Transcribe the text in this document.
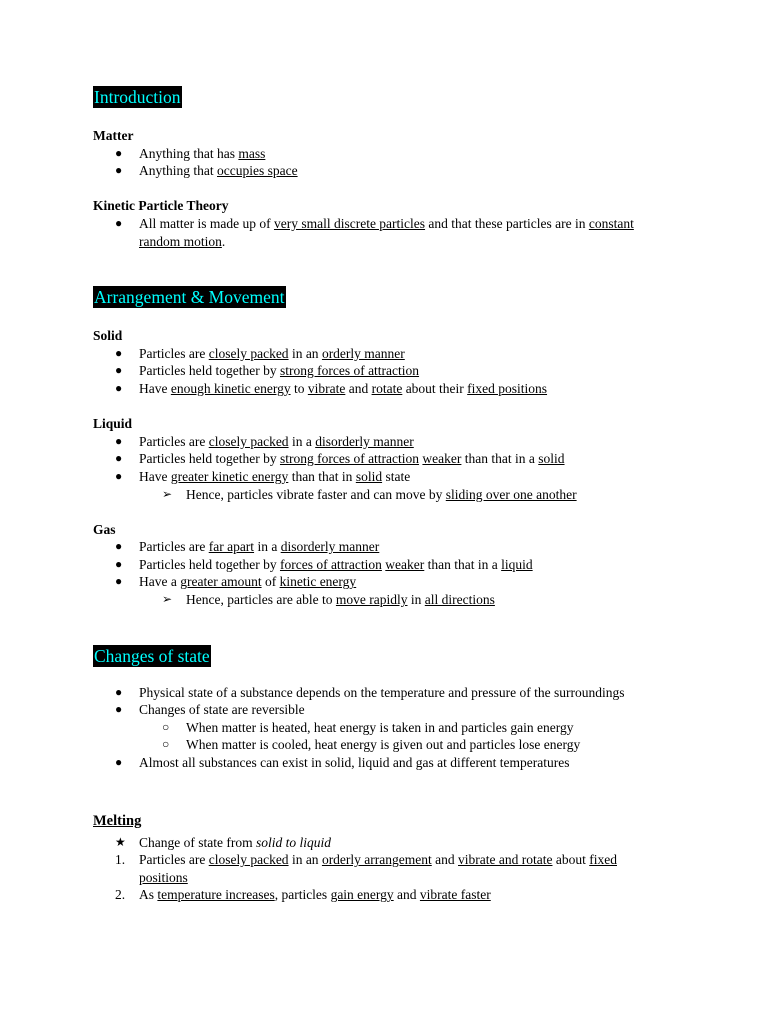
Introduction

Matter

● Anything that has mass
● Anything that occupies space

Kinetic Particle Theory

● All matter is made up of very small discrete particles and that these particles are in constant
random motion.
Arrangement & Movement

Solid

● Particles are closely packed in an orderly manner
● Particles held together by strong forces of attraction
● Have enough kinetic energy to vibrate and rotate about their fixed positions

Liquid

● Particles are closely packed in a disorderly manner
● Particles held together by strong forces of attraction weaker than that in a solid
● Have greater kinetic energy than that in solid state
➢ Hence, particles vibrate faster and can move by sliding over one another

Gas

● Particles are far apart in a disorderly manner
● Particles held together by forces of attraction weaker than that in a liquid
● Have a greater amount of kinetic energy
➢ Hence, particles are able to move rapidly in all directions
Changes of state
● Physical state of a substance depends on the temperature and pressure of the surroundings
● Changes of state are reversible
○ When matter is heated, heat energy is taken in and particles gain energy
○ When matter is cooled, heat energy is given out and particles lose energy
● Almost all substances can exist in solid, liquid and gas at different temperatures

Melting

★ Change of state from solid to liquid
1. Particles are closely packed in an orderly arrangement and vibrate and rotate about fixed
positions
2. As temperature increases, particles gain energy and vibrate faster
